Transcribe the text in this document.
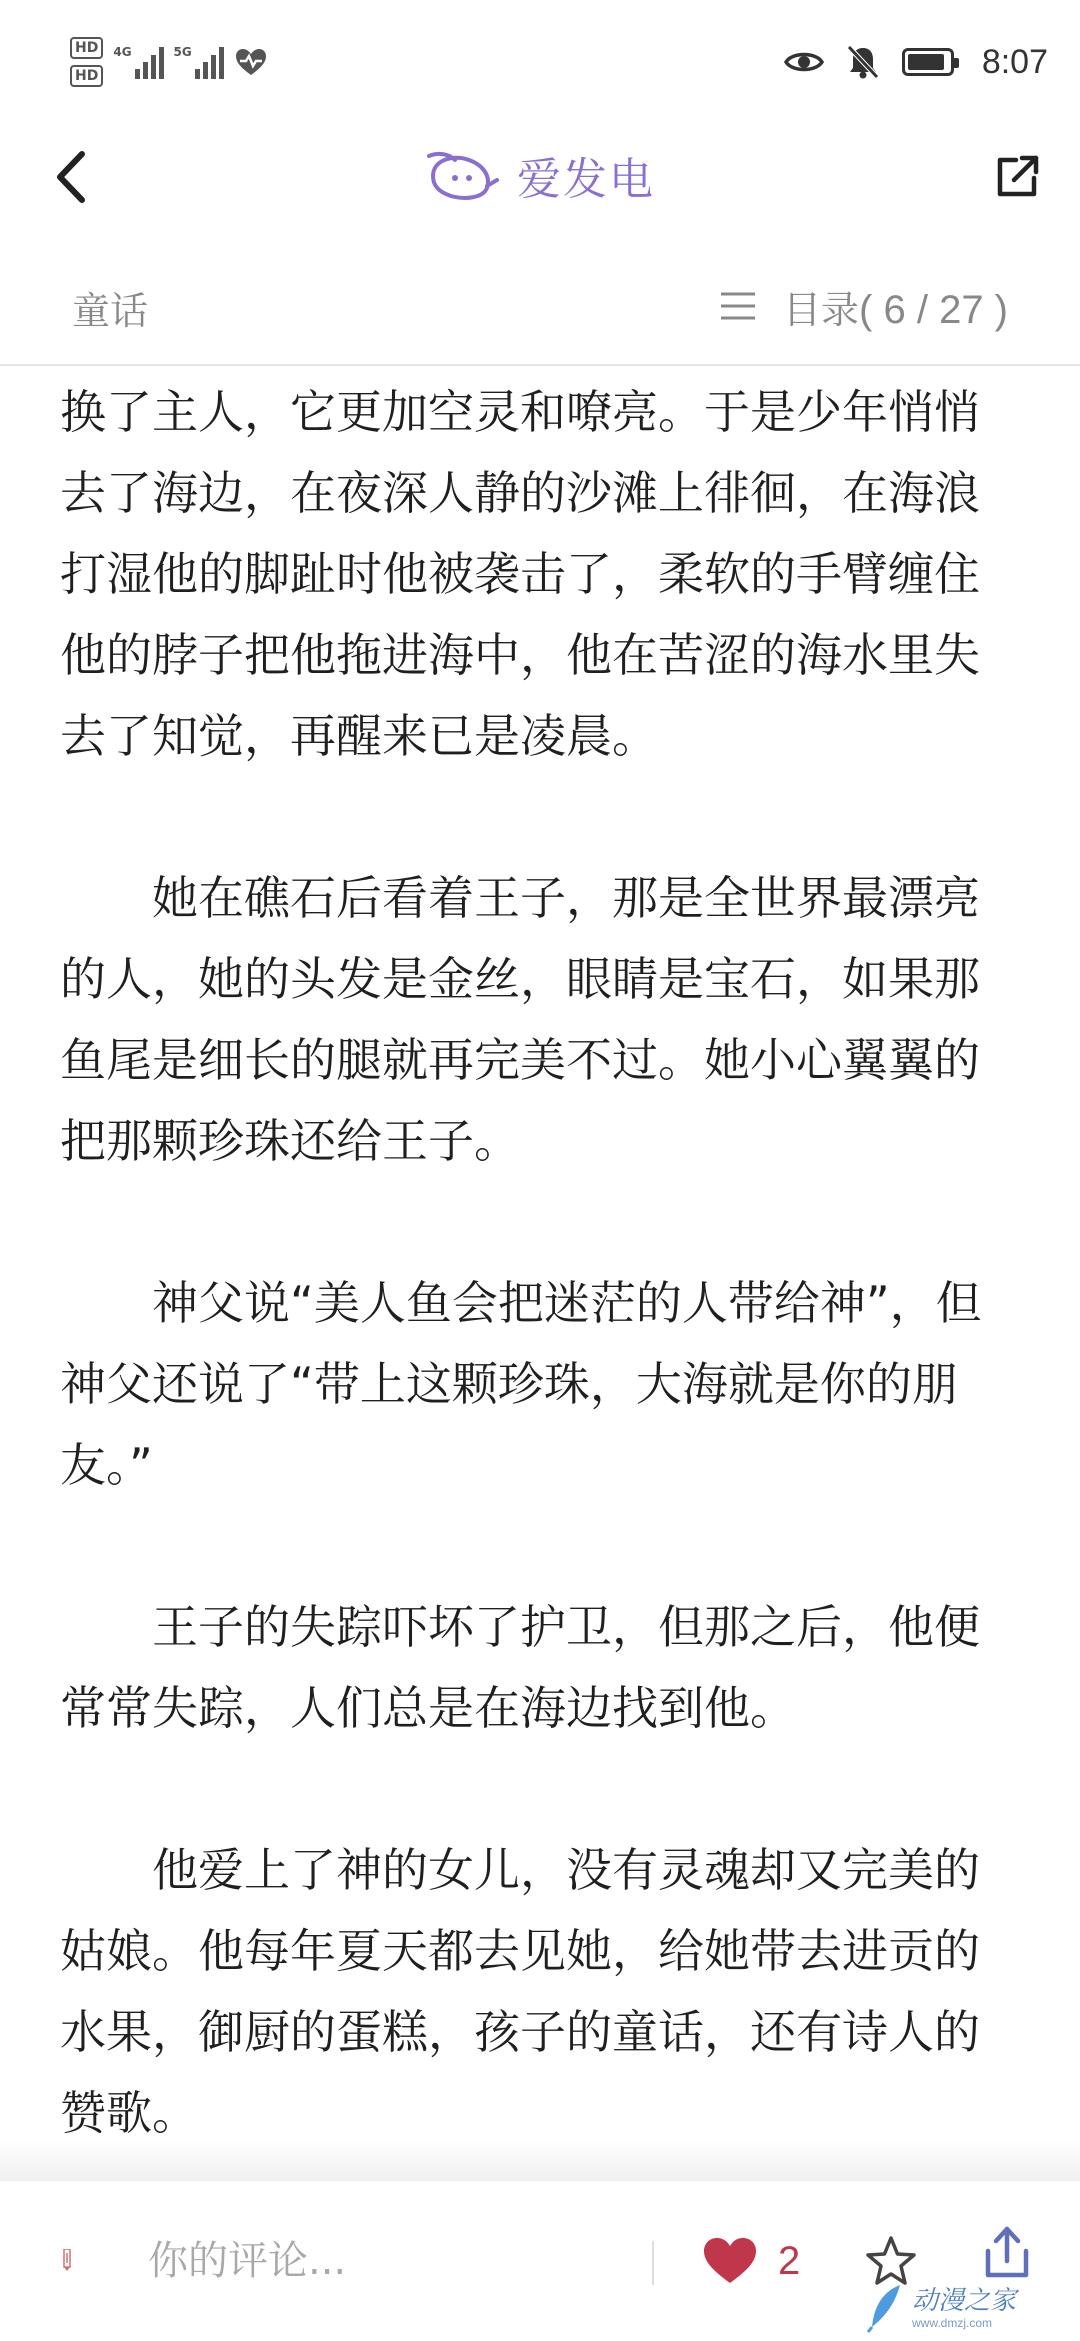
HD
HD
4G	5G	8:07
爱发电
童话	目录( 6 / 27 )

换了主人，它更加空灵和嘹亮。于是少年悄悄去了海边，在夜深人静的沙滩上徘徊，在海浪打湿他的脚趾时他被袭击了，柔软的手臂缠住他的脖子把他拖进海中，他在苦涩的海水里失去了知觉，再醒来已是凌晨。

她在礁石后看着王子，那是全世界最漂亮的人，她的头发是金丝，眼睛是宝石，如果那鱼尾是细长的腿就再完美不过。她小心翼翼的把那颗珍珠还给王子。

神父说“美人鱼会把迷茫的人带给神”，但神父还说了“带上这颗珍珠，大海就是你的朋友。”

王子的失踪吓坏了护卫，但那之后，他便常常失踪，人们总是在海边找到他。

他爱上了神的女儿，没有灵魂却又完美的姑娘。他每年夏天都去见她，给她带去进贡的水果，御厨的蛋糕，孩子的童话，还有诗人的赞歌。

你的评论...
2
动漫之家
www.dmzj.com
